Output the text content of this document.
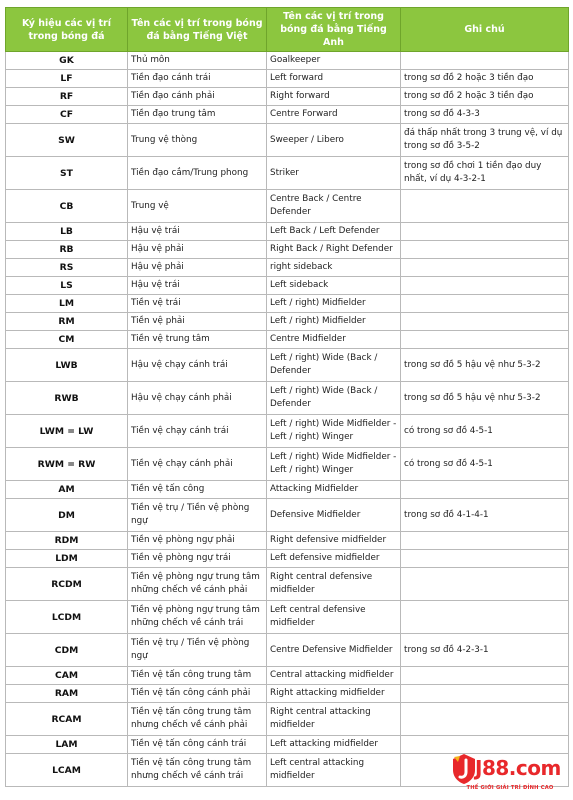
Ký hiệu các vị trí trong bóng đá	Tên các vị trí trong bóng đá bằng Tiếng Việt	Tên các vị trí trong bóng đá bằng Tiếng Anh	Ghi chú
GK	Thủ môn	Goalkeeper	
LF	Tiền đạo cánh trái	Left forward	trong sơ đồ 2 hoặc 3 tiền đạo
RF	Tiền đạo cánh phải	Right forward	trong sơ đồ 2 hoặc 3 tiền đạo
CF	Tiền đạo trung tâm	Centre Forward	trong sơ đồ 4-3-3
SW	Trung vệ thòng	Sweeper / Libero	đá thấp nhất trong 3 trung vệ, ví dụ trong sơ đồ 3-5-2
ST	Tiền đạo cắm/Trung phong	Striker	trong sơ đồ chơi 1 tiền đạo duy nhất, ví dụ 4-3-2-1
CB	Trung vệ	Centre Back / Centre Defender	
LB	Hậu vệ trái	Left Back / Left Defender	
RB	Hậu vệ phải	Right Back / Right Defender	
RS	Hậu vệ phải	right sideback	
LS	Hậu vệ trái	Left sideback	
LM	Tiền vệ trái	Left / right) Midfielder	
RM	Tiền vệ phải	Left / right) Midfielder	
CM	Tiền vệ trung tâm	Centre Midfielder	
LWB	Hậu vệ chạy cánh trái	Left / right) Wide (Back / Defender	trong sơ đồ 5 hậu vệ như 5-3-2
RWB	Hậu vệ chạy cánh phải	Left / right) Wide (Back / Defender	trong sơ đồ 5 hậu vệ như 5-3-2
LWM = LW	Tiền vệ chạy cánh trái	Left / right) Wide Midfielder - Left / right) Winger	có trong sơ đồ 4-5-1
RWM = RW	Tiền vệ chạy cánh phải	Left / right) Wide Midfielder - Left / right) Winger	có trong sơ đồ 4-5-1
AM	Tiền vệ tấn công	Attacking Midfielder	
DM	Tiền vệ trụ / Tiền vệ phòng ngự	Defensive Midfielder	trong sơ đồ 4-1-4-1
RDM	Tiền vệ phòng ngự phải	Right defensive midfielder	
LDM	Tiền vệ phòng ngự trái	Left defensive midfielder	
RCDM	Tiền vệ phòng ngự trung tâm những chếch về cánh phải	Right central defensive midfielder	
LCDM	Tiền vệ phòng ngự trung tâm những chếch về cánh trái	Left central defensive midfielder	
CDM	Tiền vệ trụ / Tiền vệ phòng ngự	Centre Defensive Midfielder	trong sơ đồ 4-2-3-1
CAM	Tiền vệ tấn công trung tâm	Central attacking midfielder	
RAM	Tiền vệ tấn công cánh phải	Right attacking midfielder	
RCAM	Tiền vệ tấn công trung tâm nhưng chếch về cánh phải	Right central attacking midfielder	
LAM	Tiền vệ tấn công cánh trái	Left attacking midfielder	
LCAM	Tiền vệ tấn công trung tâm nhưng chếch về cánh trái	Left central attacking midfielder		J88.com
THẾ GIỚI GIẢI TRÍ ĐỈNH CAO
